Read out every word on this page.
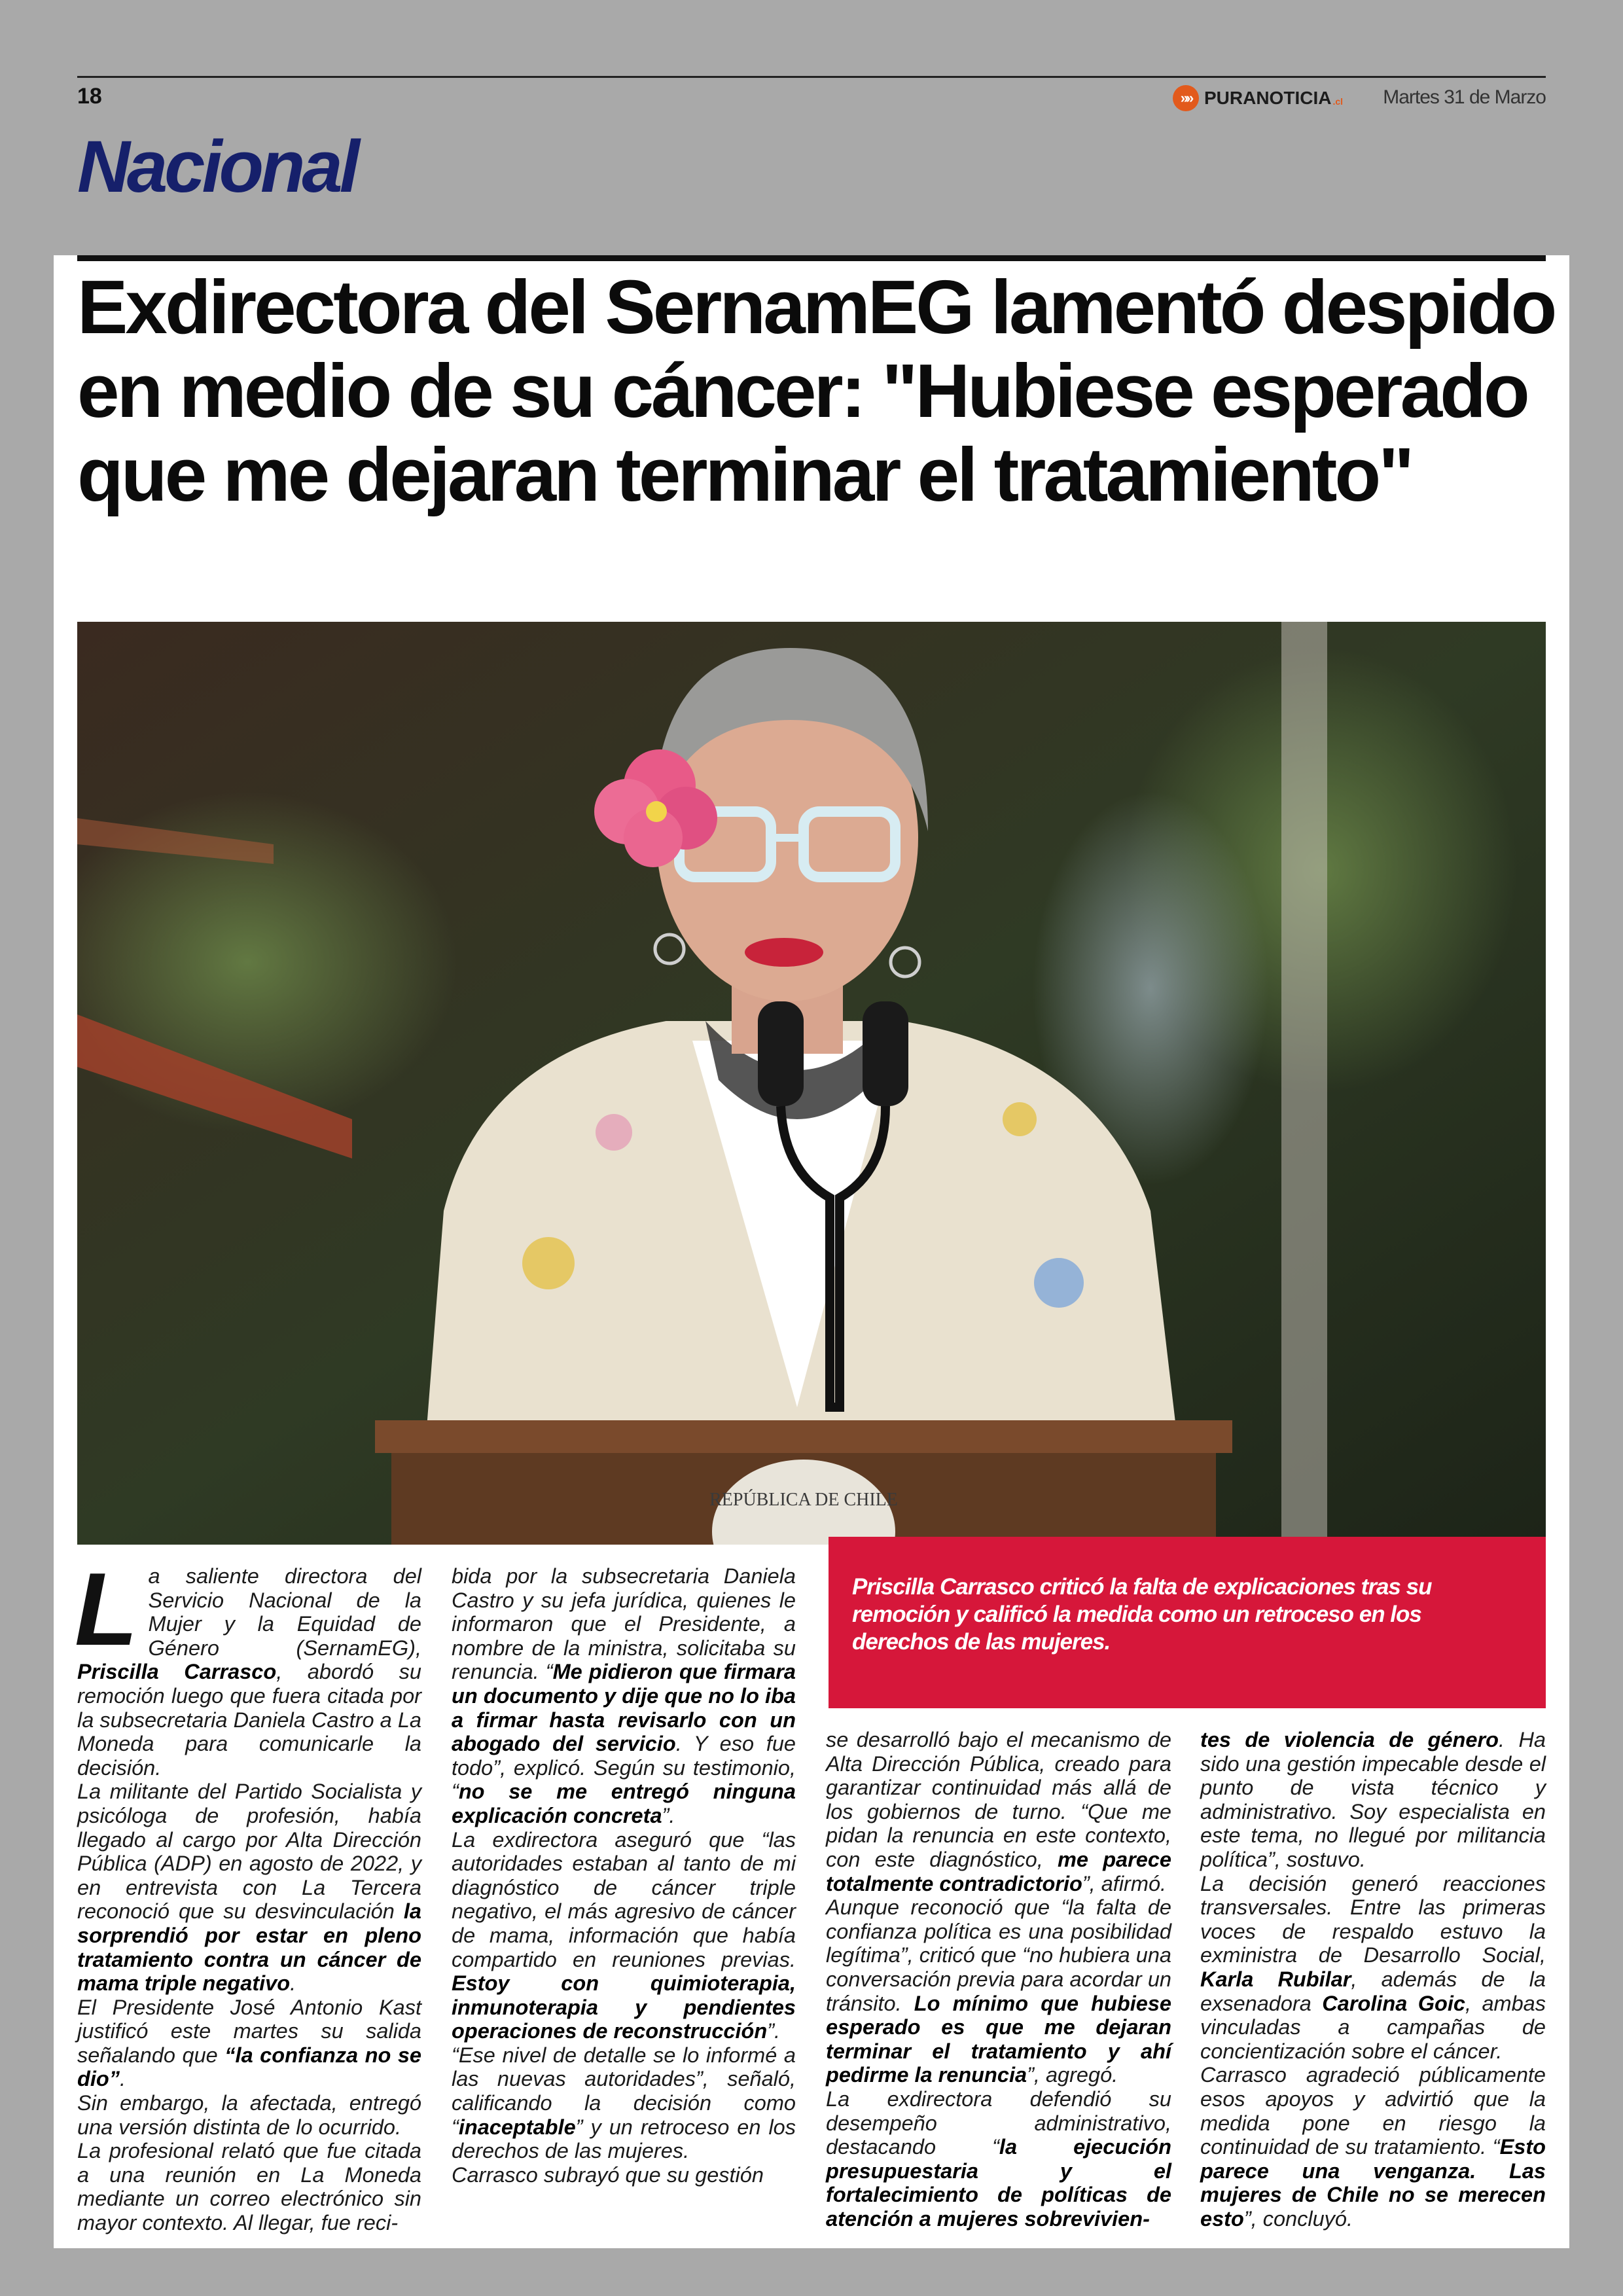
18	»» PURANOTICIA .cl Martes 31 de Marzo
Nacional
Exdirectora del SernamEG lamentó despido en medio de su cáncer: "Hubiese esperado que me dejaran terminar el tratamiento"
REPÚBLICA DE CHILE
Priscilla Carrasco criticó la falta de explicaciones tras su remoción y calificó la medida como un retroceso en los derechos de las mujeres.

La saliente directora del Servicio Nacional de la Mujer y la Equidad de Género (SernamEG), Priscilla Carrasco, abordó su remoción luego que fuera citada por la subsecretaria Daniela Castro a La Moneda para comunicarle la decisión.

La militante del Partido Socialista y psicóloga de profesión, había llegado al cargo por Alta Dirección Pública (ADP) en agosto de 2022, y en entrevista con La Tercera reconoció que su desvinculación la sorprendió por estar en pleno tratamiento contra un cáncer de mama triple negativo.

El Presidente José Antonio Kast justificó este martes su salida señalando que “la confianza no se dio”.

Sin embargo, la afectada, entregó una versión distinta de lo ocurrido.

La profesional relató que fue citada a una reunión en La Moneda mediante un correo electrónico sin mayor contexto. Al llegar, fue reci-

bida por la subsecretaria Daniela Castro y su jefa jurídica, quienes le informaron que el Presidente, a nombre de la ministra, solicitaba su renuncia. “Me pidieron que firmara un documento y dije que no lo iba a firmar hasta revisarlo con un abogado del servicio. Y eso fue todo”, explicó. Según su testimonio, “no se me entregó ninguna explicación concreta”.

La exdirectora aseguró que “las autoridades estaban al tanto de mi diagnóstico de cáncer triple negativo, el más agresivo de cáncer de mama, información que había compartido en reuniones previas. Estoy con quimioterapia, inmunoterapia y pendientes operaciones de reconstrucción”.

“Ese nivel de detalle se lo informé a las nuevas autoridades”, señaló, calificando la decisión como “inaceptable” y un retroceso en los derechos de las mujeres.

Carrasco subrayó que su gestión

se desarrolló bajo el mecanismo de Alta Dirección Pública, creado para garantizar continuidad más allá de los gobiernos de turno. “Que me pidan la renuncia en este contexto, con este diagnóstico, me parece totalmente contradictorio”, afirmó.

Aunque reconoció que “la falta de confianza política es una posibilidad legítima”, criticó que “no hubiera una conversación previa para acordar un tránsito. Lo mínimo que hubiese esperado es que me dejaran terminar el tratamiento y ahí pedirme la renuncia”, agregó.

La exdirectora defendió su desempeño administrativo, destacando “la ejecución presupuestaria y el fortalecimiento de políticas de atención a mujeres sobrevivien-

tes de violencia de género. Ha sido una gestión impecable desde el punto de vista técnico y administrativo. Soy especialista en este tema, no llegué por militancia política”, sostuvo.

La decisión generó reacciones transversales. Entre las primeras voces de respaldo estuvo la exministra de Desarrollo Social, Karla Rubilar, además de la exsenadora Carolina Goic, ambas vinculadas a campañas de concientización sobre el cáncer.

Carrasco agradeció públicamente esos apoyos y advirtió que la medida pone en riesgo la continuidad de su tratamiento. “Esto parece una venganza. Las mujeres de Chile no se merecen esto”, concluyó.
